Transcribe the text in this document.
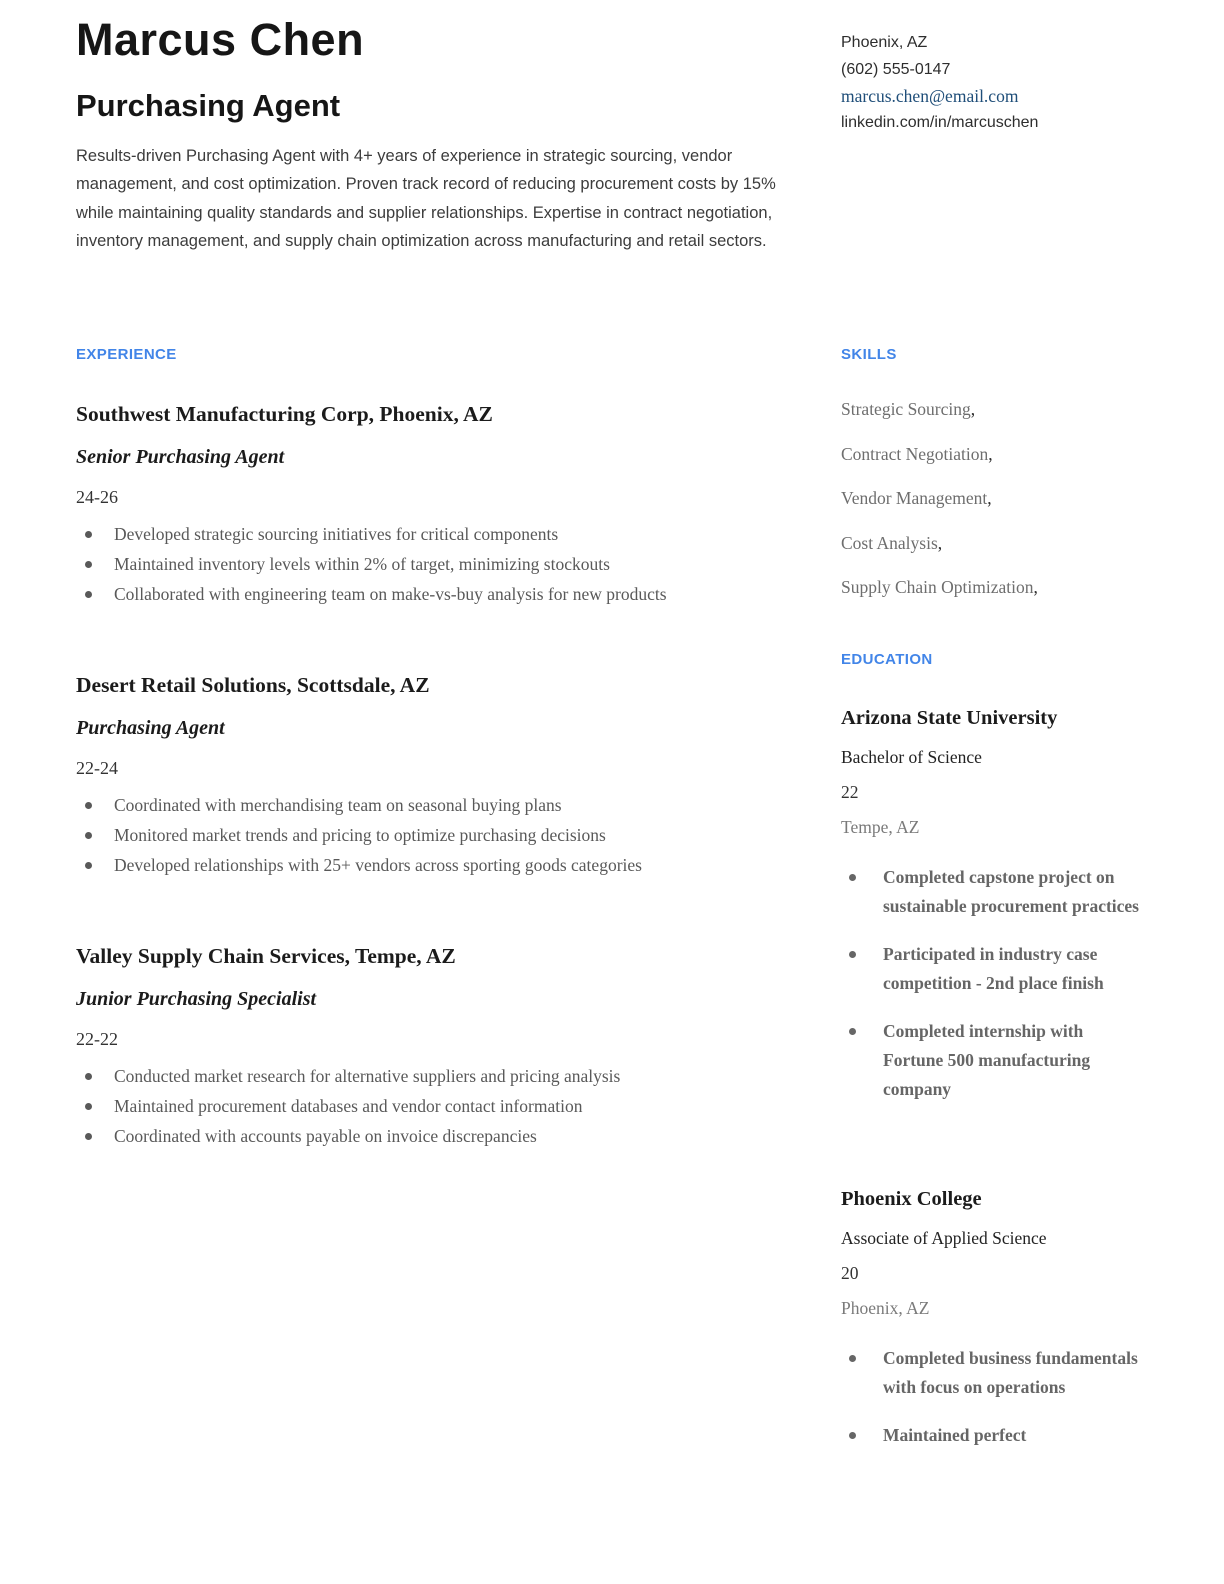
Marcus Chen
Purchasing Agent

Results-driven Purchasing Agent with 4+ years of experience in strategic sourcing, vendor management, and cost optimization. Proven track record of reducing procurement costs by 15% while maintaining quality standards and supplier relationships. Expertise in contract negotiation, inventory management, and supply chain optimization across manufacturing and retail sectors.

Phoenix, AZ
(602) 555-0147
marcus.chen@email.com
linkedin.com/in/marcuschen
EXPERIENCE
Southwest Manufacturing Corp, Phoenix, AZ
Senior Purchasing Agent
24-26
Developed strategic sourcing initiatives for critical components
Maintained inventory levels within 2% of target, minimizing stockouts
Collaborated with engineering team on make-vs-buy analysis for new products
Desert Retail Solutions, Scottsdale, AZ
Purchasing Agent
22-24
Coordinated with merchandising team on seasonal buying plans
Monitored market trends and pricing to optimize purchasing decisions
Developed relationships with 25+ vendors across sporting goods categories
Valley Supply Chain Services, Tempe, AZ
Junior Purchasing Specialist
22-22
Conducted market research for alternative suppliers and pricing analysis
Maintained procurement databases and vendor contact information
Coordinated with accounts payable on invoice discrepancies
SKILLS
Strategic Sourcing,
Contract Negotiation,
Vendor Management,
Cost Analysis,
Supply Chain Optimization,
EDUCATION
Arizona State University
Bachelor of Science
22
Tempe, AZ
Completed capstone project on sustainable procurement practices
Participated in industry case competition - 2nd place finish
Completed internship with Fortune 500 manufacturing company
Phoenix College
Associate of Applied Science
20
Phoenix, AZ
Completed business fundamentals with focus on operations
Maintained perfect
